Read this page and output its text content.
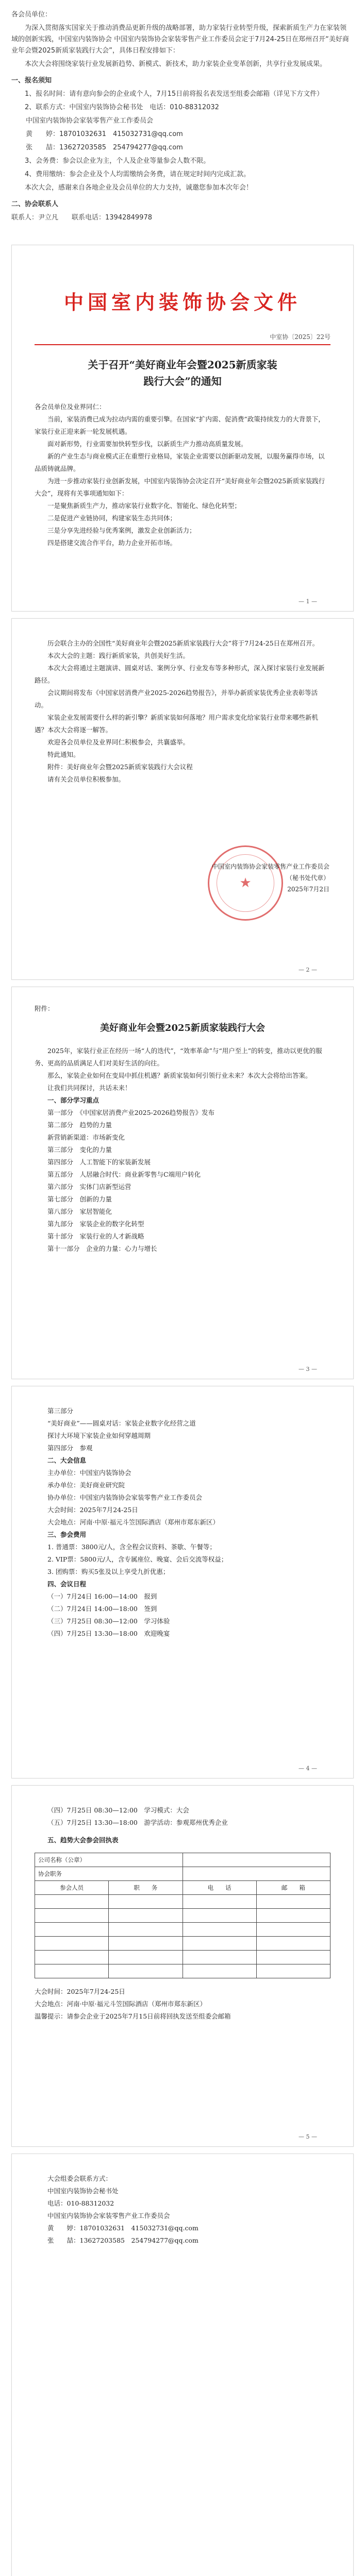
各会员单位：

为深入贯彻落实国家关于推动消费品更新升级的战略部署，助力家装行业转型升级，探索新质生产力在家装领域的创新实践，中国室内装饰协会 中国室内装饰协会家装零售产业工作委员会定于7月24-25日在郑州召开“美好商业年会暨2025新质家装践行大会”，具体日程安排如下：

本次大会将围绕家装行业发展新趋势、新模式、新技术，助力家装企业变革创新，共享行业发展成果。

一、报名须知

1、报名时间：请有意向参会的企业或个人，7月15日前将报名表发送至组委会邮箱（详见下方文件）

2、联系方式：中国室内装饰协会秘书处　电话：010-88312032

中国室内装饰协会家装零售产业工作委员会

黄　　婷：18701032631　415032731@qq.com

张　　喆：13627203585　254794277@qq.com

3、会务费：参会以企业为主，个人及企业等量参会人数不限。

4、费用缴纳：参会企业及个人均需缴纳会务费，请在规定时间内完成汇款。

本次大会，感谢来自各地企业及会员单位的大力支持，诚邀您参加本次年会！

二、协会联系人

联系人：尹立凡　　联系电话：13942849978

中国室内装饰协会文件
中室协〔2025〕22号
关于召开“美好商业年会暨2025新质家装
践行大会”的通知

各会员单位及业界同仁：

当前，家装消费已成为拉动内需的重要引擎。在国家“扩内需、促消费”政策持续发力的大背景下，家装行业正迎来新一轮发展机遇。

面对新形势，行业需要加快转型步伐，以新质生产力推动高质量发展。

新的产业生态与商业模式正在重塑行业格局，家装企业需要以创新驱动发展，以服务赢得市场，以品质铸就品牌。

为进一步推动家装行业创新发展，中国室内装饰协会决定召开“美好商业年会暨2025新质家装践行大会”，现将有关事项通知如下：

一是聚焦新质生产力，推动家装行业数字化、智能化、绿色化转型；

二是促进产业链协同，构建家装生态共同体；

三是分享先进经验与优秀案例，激发企业创新活力；

四是搭建交流合作平台，助力企业开拓市场。

— 1 —

历会联合主办的全国性“美好商业年会暨2025新质家装践行大会”将于7月24-25日在郑州召开。

本次大会的主题：践行新质家装，共创美好生活。

本次大会将通过主题演讲、圆桌对话、案例分享、行业发布等多种形式，深入探讨家装行业发展新路径。

会议期间将发布《中国家居消费产业2025-2026趋势报告》，并举办新质家装优秀企业表彰等活动。

家装企业发展需要什么样的新引擎？新质家装如何落地？用户需求变化给家装行业带来哪些新机遇？本次大会将逐一解答。

欢迎各会员单位及业界同仁积极参会，共襄盛举。

特此通知。

附件：美好商业年会暨2025新质家装践行大会议程

请有关会员单位积极参加。

★
中国室内装饰协会家装零售产业工作委员会
（秘书处代章）
2025年7月2日
— 2 —

附件：

美好商业年会暨2025新质家装践行大会

2025年，家装行业正在经历一场“人的迭代”，“效率革命”与“用户至上”的转变，推动以更优的服务、更高的品质满足人们对美好生活的向往。

那么，家装企业如何在变局中抓住机遇？新质家装如何引领行业未来？本次大会将给出答案。

让我们共同探讨，共话未来！

一、部分学习重点

第一部分　《中国家居消费产业2025-2026趋势报告》发布

第二部分　趋势的力量

新营销新渠道：市场新变化

第三部分　变化的力量

第四部分　人工智能下的家装新发展

第五部分　人居融合时代：商业新零售与C端用户转化

第六部分　实体门店新型运营

第七部分　创新的力量

第八部分　家居智能化

第九部分　家装企业的数字化转型

第十部分　家装行业的人才新战略

第十一部分　企业的力量：心力与增长

— 3 —

第三部分

“美好商业”——圆桌对话：家装企业数字化经营之道

探讨大环境下家装企业如何穿越周期

第四部分　参观

二、大会信息

主办单位：中国室内装饰协会

承办单位：美好商业研究院

协办单位：中国室内装饰协会家装零售产业工作委员会

大会时间：2025年7月24-25日

大会地点：河南·中原·福元斗笠国际酒店（郑州市郑东新区）

三、参会费用

1. 普通票：3800元/人，含全程会议资料、茶歇、午餐等；

2. VIP票：5800元/人，含专属座位、晚宴、会后交流等权益；

3. 团购票：购买5张及以上享受九折优惠；

四、会议日程

（一）7月24日 16:00—14:00　报到

（二）7月24日 14:00—18:00　签到

（三）7月25日 08:30—12:00　学习体验

（四）7月25日 13:30—18:00　欢迎晚宴

— 4 —

（四）7月25日 08:30—12:00　学习模式：大会

（五）7月25日 13:30—18:00　游学活动：参观郑州优秀企业

五、趋势大会参会回执表

公司名称（公章）			
协会职务			
参会人员	职　　务	电　　话	邮　　箱

大会时间：2025年7月24-25日

大会地点：河南·中原·福元斗笠国际酒店（郑州市郑东新区）

温馨提示：请参会企业于2025年7月15日前将回执发送至组委会邮箱

— 5 —

大会组委会联系方式：

中国室内装饰协会秘书处

电话：010-88312032

中国室内装饰协会家装零售产业工作委员会

黄　　婷：18701032631　415032731@qq.com

张　　喆：13627203585　254794277@qq.com
